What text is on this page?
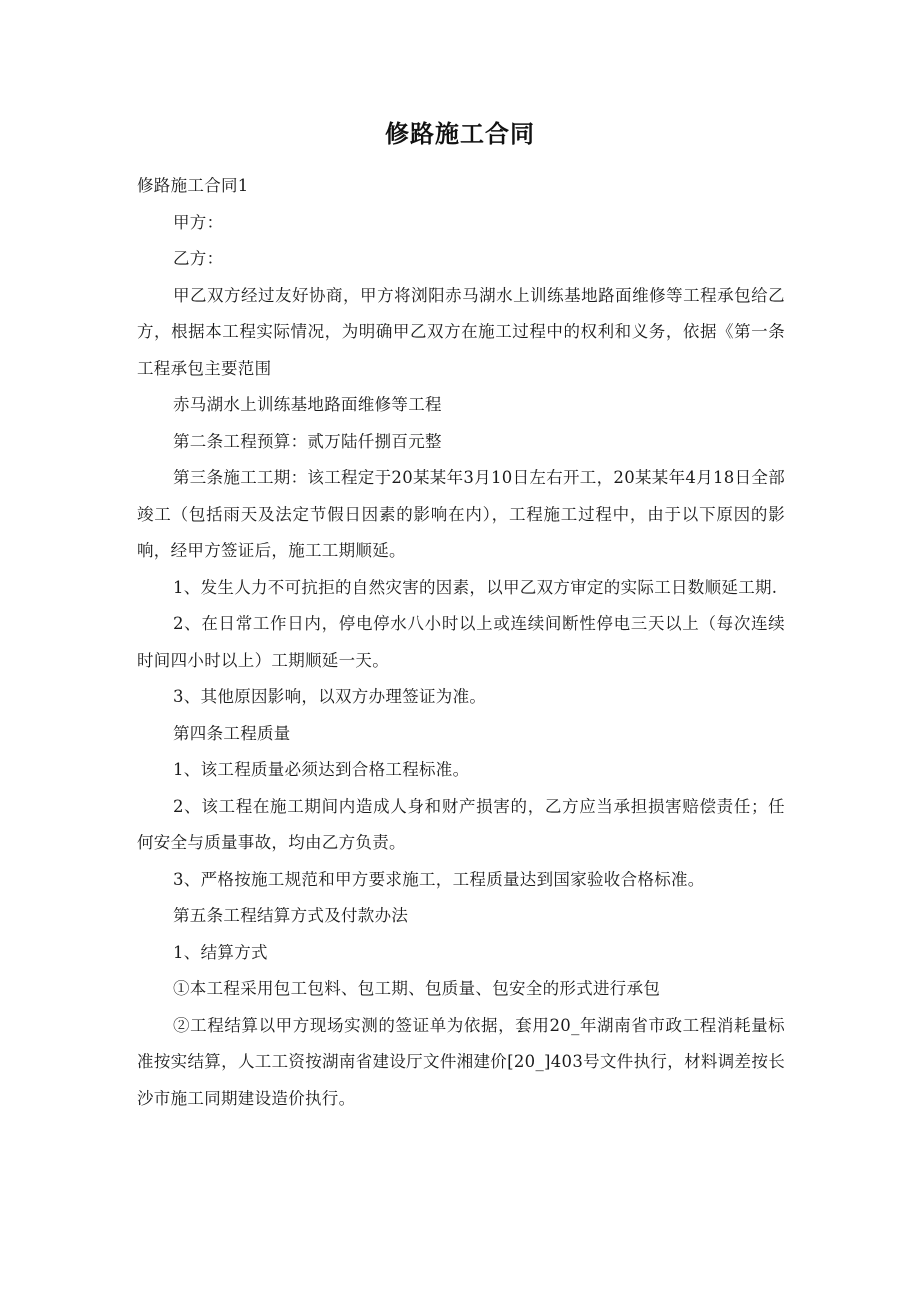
修路施工合同

修路施工合同1

甲方：

乙方：

甲乙双方经过友好协商，甲方将浏阳赤马湖水上训练基地路面维修等工程承包给乙方，根据本工程实际情况，为明确甲乙双方在施工过程中的权利和义务，依据《第一条工程承包主要范围

赤马湖水上训练基地路面维修等工程

第二条工程预算：贰万陆仟捌百元整

第三条施工工期：该工程定于20某某年3月10日左右开工，20某某年4月18日全部竣工（包括雨天及法定节假日因素的影响在内），工程施工过程中，由于以下原因的影响，经甲方签证后，施工工期顺延。

1、发生人力不可抗拒的自然灾害的因素，以甲乙双方审定的实际工日数顺延工期.

2、在日常工作日内，停电停水八小时以上或连续间断性停电三天以上（每次连续时间四小时以上）工期顺延一天。

3、其他原因影响，以双方办理签证为准。

第四条工程质量

1、该工程质量必须达到合格工程标准。

2、该工程在施工期间内造成人身和财产损害的，乙方应当承担损害赔偿责任；任何安全与质量事故，均由乙方负责。

3、严格按施工规范和甲方要求施工，工程质量达到国家验收合格标准。

第五条工程结算方式及付款办法

1、结算方式

①本工程采用包工包料、包工期、包质量、包安全的形式进行承包

②工程结算以甲方现场实测的签证单为依据，套用20_年湖南省市政工程消耗量标准按实结算，人工工资按湖南省建设厅文件湘建价[20_]403号文件执行，材料调差按长沙市施工同期建设造价执行。
